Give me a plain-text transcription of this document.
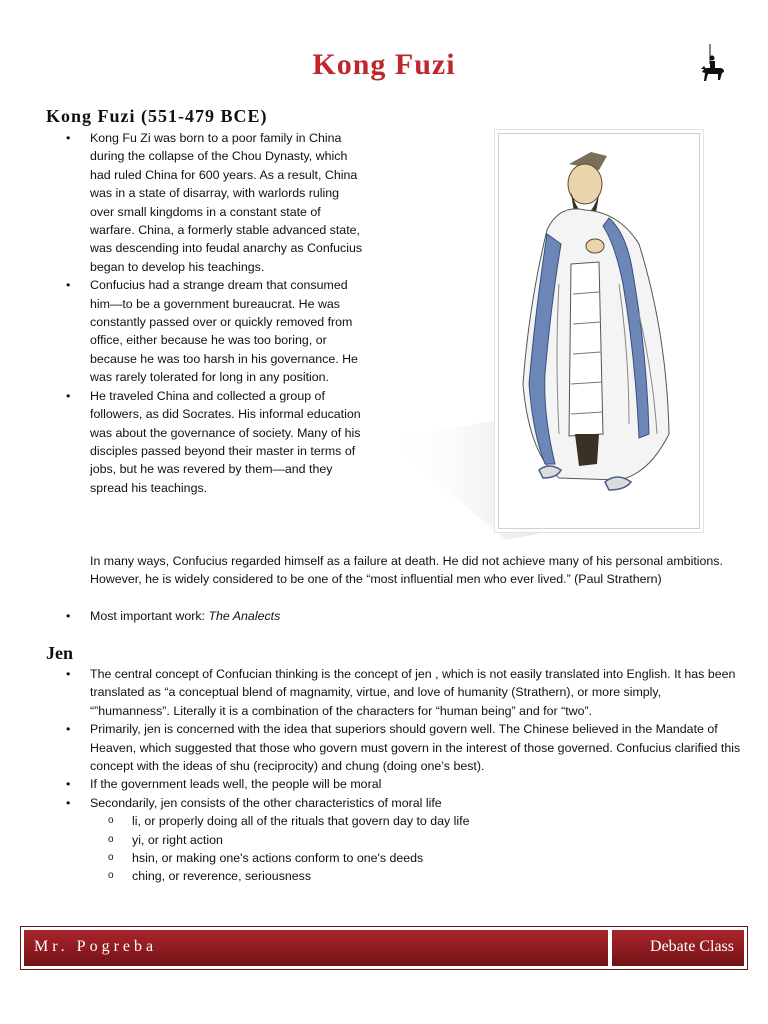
Kong Fuzi
Kong Fuzi (551-479 BCE)
• Kong Fu Zi was born to a poor family in China during the collapse of the Chou Dynasty, which had ruled China for 600 years. As a result, China was in a state of disarray, with warlords ruling over small kingdoms in a constant state of warfare. China, a formerly stable advanced state, was descending into feudal anarchy as Confucius began to develop his teachings.
• Confucius had a strange dream that consumed him—to be a government bureaucrat. He was constantly passed over or quickly removed from office, either because he was too boring, or because he was too harsh in his governance. He was rarely tolerated for long in any position.
• He traveled China and collected a group of followers, as did Socrates. His informal education was about the governance of society. Many of his disciples passed beyond their master in terms of jobs, but he was revered by them—and they spread his teachings.
In many ways, Confucius regarded himself as a failure at death. He did not achieve many of his personal ambitions. However, he is widely considered to be one of the “most influential men who ever lived.” (Paul Strathern)
• Most important work: The Analects
Jen
• The central concept of Confucian thinking is the concept of jen , which is not easily translated into English. It has been translated as “a conceptual blend of magnamity, virtue, and love of humanity (Strathern), or more simply, “”humanness”. Literally it is a combination of the characters for “human being” and for “two”.
• Primarily, jen is concerned with the idea that superiors should govern well. The Chinese believed in the Mandate of Heaven, which suggested that those who govern must govern in the interest of those governed. Confucius clarified this concept with the ideas of shu (reciprocity) and chung (doing one’s best).
• If the government leads well, the people will be moral
• Secondarily, jen consists of the other characteristics of moral life
o li, or properly doing all of the rituals that govern day to day life
o yi, or right action
o hsin, or making one's actions conform to one's deeds
o ching, or reverence, seriousness
Mr. Pogreba	Debate Class
